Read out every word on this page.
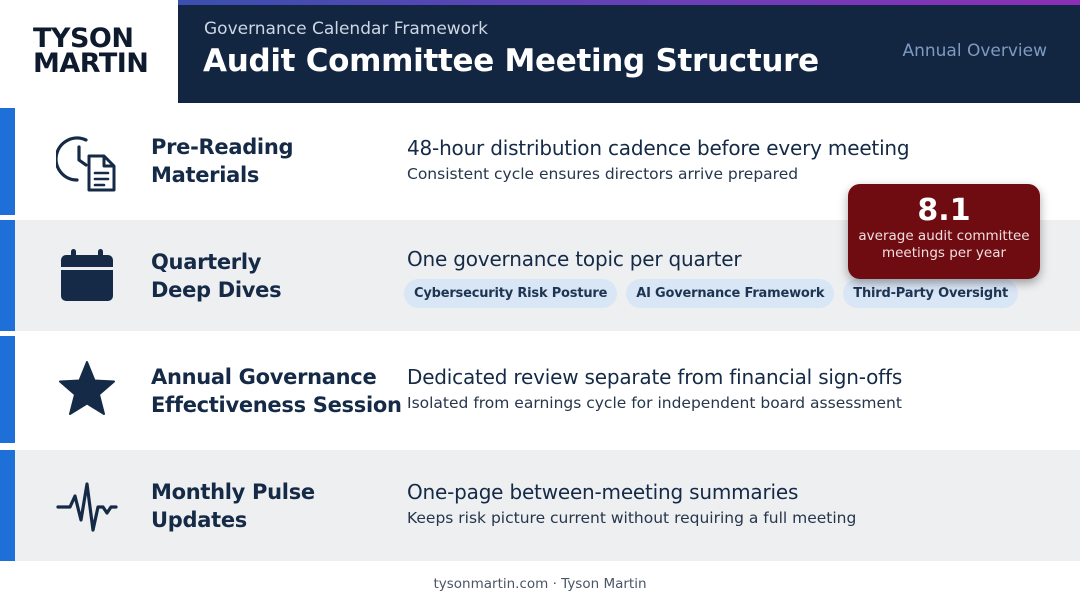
TYSON
MARTIN
Governance Calendar Framework
Audit Committee Meeting Structure	Annual Overview
Pre-Reading
Materials
48-hour distribution cadence before every meeting
Consistent cycle ensures directors arrive prepared
Quarterly
Deep Dives
One governance topic per quarter
Cybersecurity Risk Posture	AI Governance Framework	Third-Party Oversight
Annual Governance
Effectiveness Session
Dedicated review separate from financial sign-offs
Isolated from earnings cycle for independent board assessment
Monthly Pulse
Updates
One-page between-meeting summaries
Keeps risk picture current without requiring a full meeting
8.1
average audit committee
meetings per year
tysonmartin.com · Tyson Martin
